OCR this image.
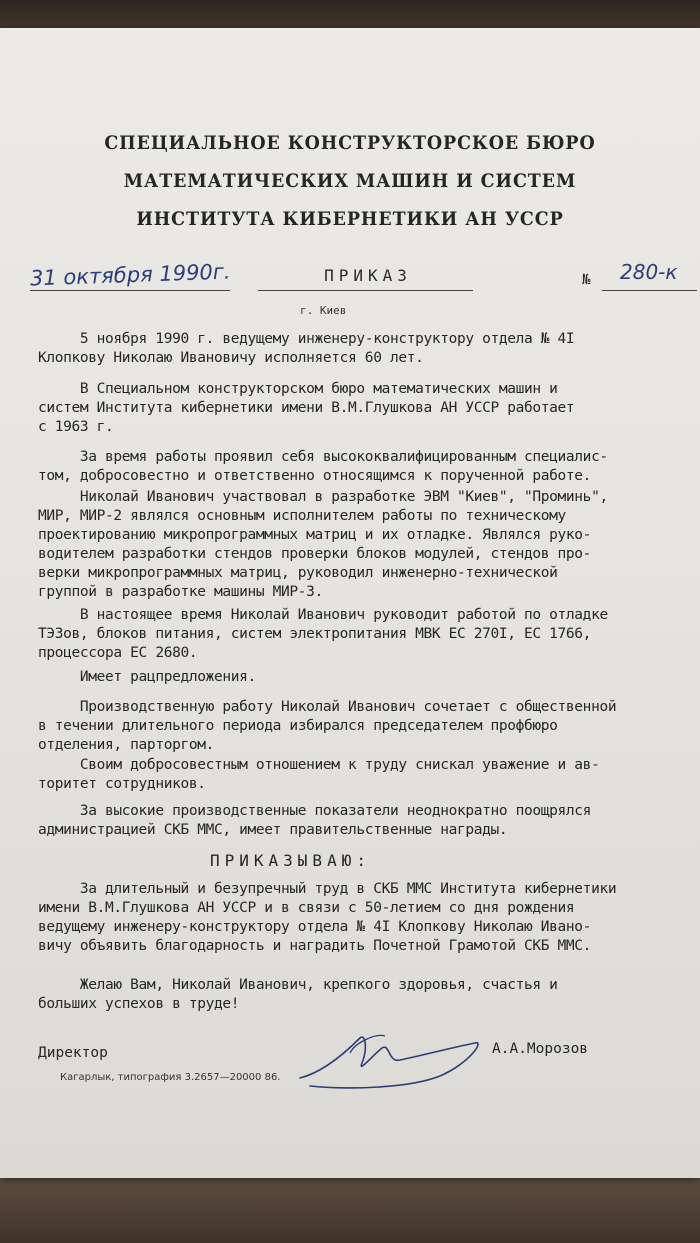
СПЕЦИАЛЬНОЕ КОНСТРУКТОРСКОЕ БЮРО
МАТЕМАТИЧЕСКИХ МАШИН И СИСТЕМ
ИНСТИТУТА КИБЕРНЕТИКИ АН УССР
31 октября 1990г.	ПРИКАЗ	№ 280-к
г. Киев
5 ноября 1990 г. ведущему инженеру-конструктору отдела № 4I
Клопкову Николаю Ивановичу исполняется 60 лет.
В Специальном конструкторском бюро математических машин и
систем Института кибернетики имени В.М.Глушкова АН УССР работает
с 1963 г.
За время работы проявил себя высококвалифицированным специалис-
том, добросовестно и ответственно относящимся к порученной работе.
Николай Иванович участвовал в разработке ЭВМ "Киев", "Проминь",
МИР, МИР-2 являлся основным исполнителем работы по техническому
проектированию микропрограммных матриц и их отладке. Являлся руко-
водителем разработки стендов проверки блоков модулей, стендов про-
верки микропрограммных матриц, руководил инженерно-технической
группой в разработке машины МИР-3.
В настоящее время Николай Иванович руководит работой по отладке
ТЭЗов, блоков питания, систем электропитания МВК ЕС 270I, ЕС 1766,
процессора ЕС 2680.
Имеет рацпредложения.
Производственную работу Николай Иванович сочетает с общественной
в течении длительного периода избирался председателем профбюро
отделения, парторгом.
Своим добросовестным отношением к труду снискал уважение и ав-
торитет сотрудников.
За высокие производственные показатели неоднократно поощрялся
администрацией СКБ ММС, имеет правительственные награды.
ПРИКАЗЫВАЮ:
За длительный и безупречный труд в СКБ ММС Института кибернетики
имени В.М.Глушкова АН УССР и в связи с 50-летием со дня рождения
ведущему инженеру-конструктору отдела № 4I Клопкову Николаю Ивано-
вичу объявить благодарность и наградить Почетной Грамотой СКБ ММС.
Желаю Вам, Николай Иванович, крепкого здоровья, счастья и
больших успехов в труде!
Директор	А.А.Морозов
Кагарлык, типография 3.2657—20000 86.
